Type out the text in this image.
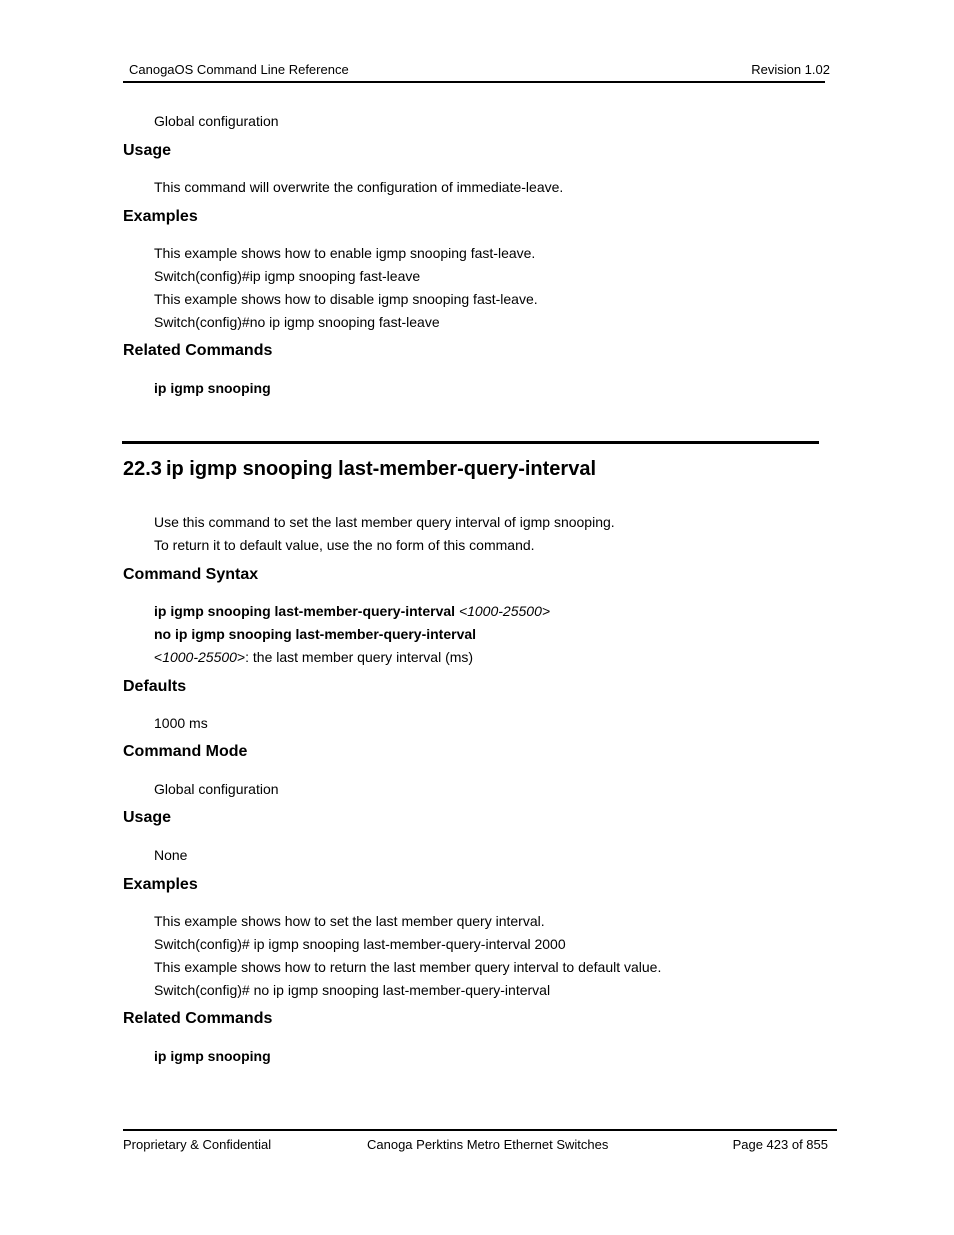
CanogaOS Command Line Reference	Revision 1.02
Global configuration
Usage
This command will overwrite the configuration of immediate-leave.
Examples
This example shows how to enable igmp snooping fast-leave.
Switch(config)#ip igmp snooping fast-leave
This example shows how to disable igmp snooping fast-leave.
Switch(config)#no ip igmp snooping fast-leave
Related Commands
ip igmp snooping
22.3 ip igmp snooping last-member-query-interval
Use this command to set the last member query interval of igmp snooping.
To return it to default value, use the no form of this command.
Command Syntax
ip igmp snooping last-member-query-interval <1000-25500>
no ip igmp snooping last-member-query-interval
<1000-25500>: the last member query interval (ms)
Defaults
1000 ms
Command Mode
Global configuration
Usage
None
Examples
This example shows how to set the last member query interval.
Switch(config)# ip igmp snooping last-member-query-interval 2000
This example shows how to return the last member query interval to default value.
Switch(config)# no ip igmp snooping last-member-query-interval
Related Commands
ip igmp snooping
Proprietary & Confidential	Canoga Perktins Metro Ethernet Switches	Page 423 of 855
